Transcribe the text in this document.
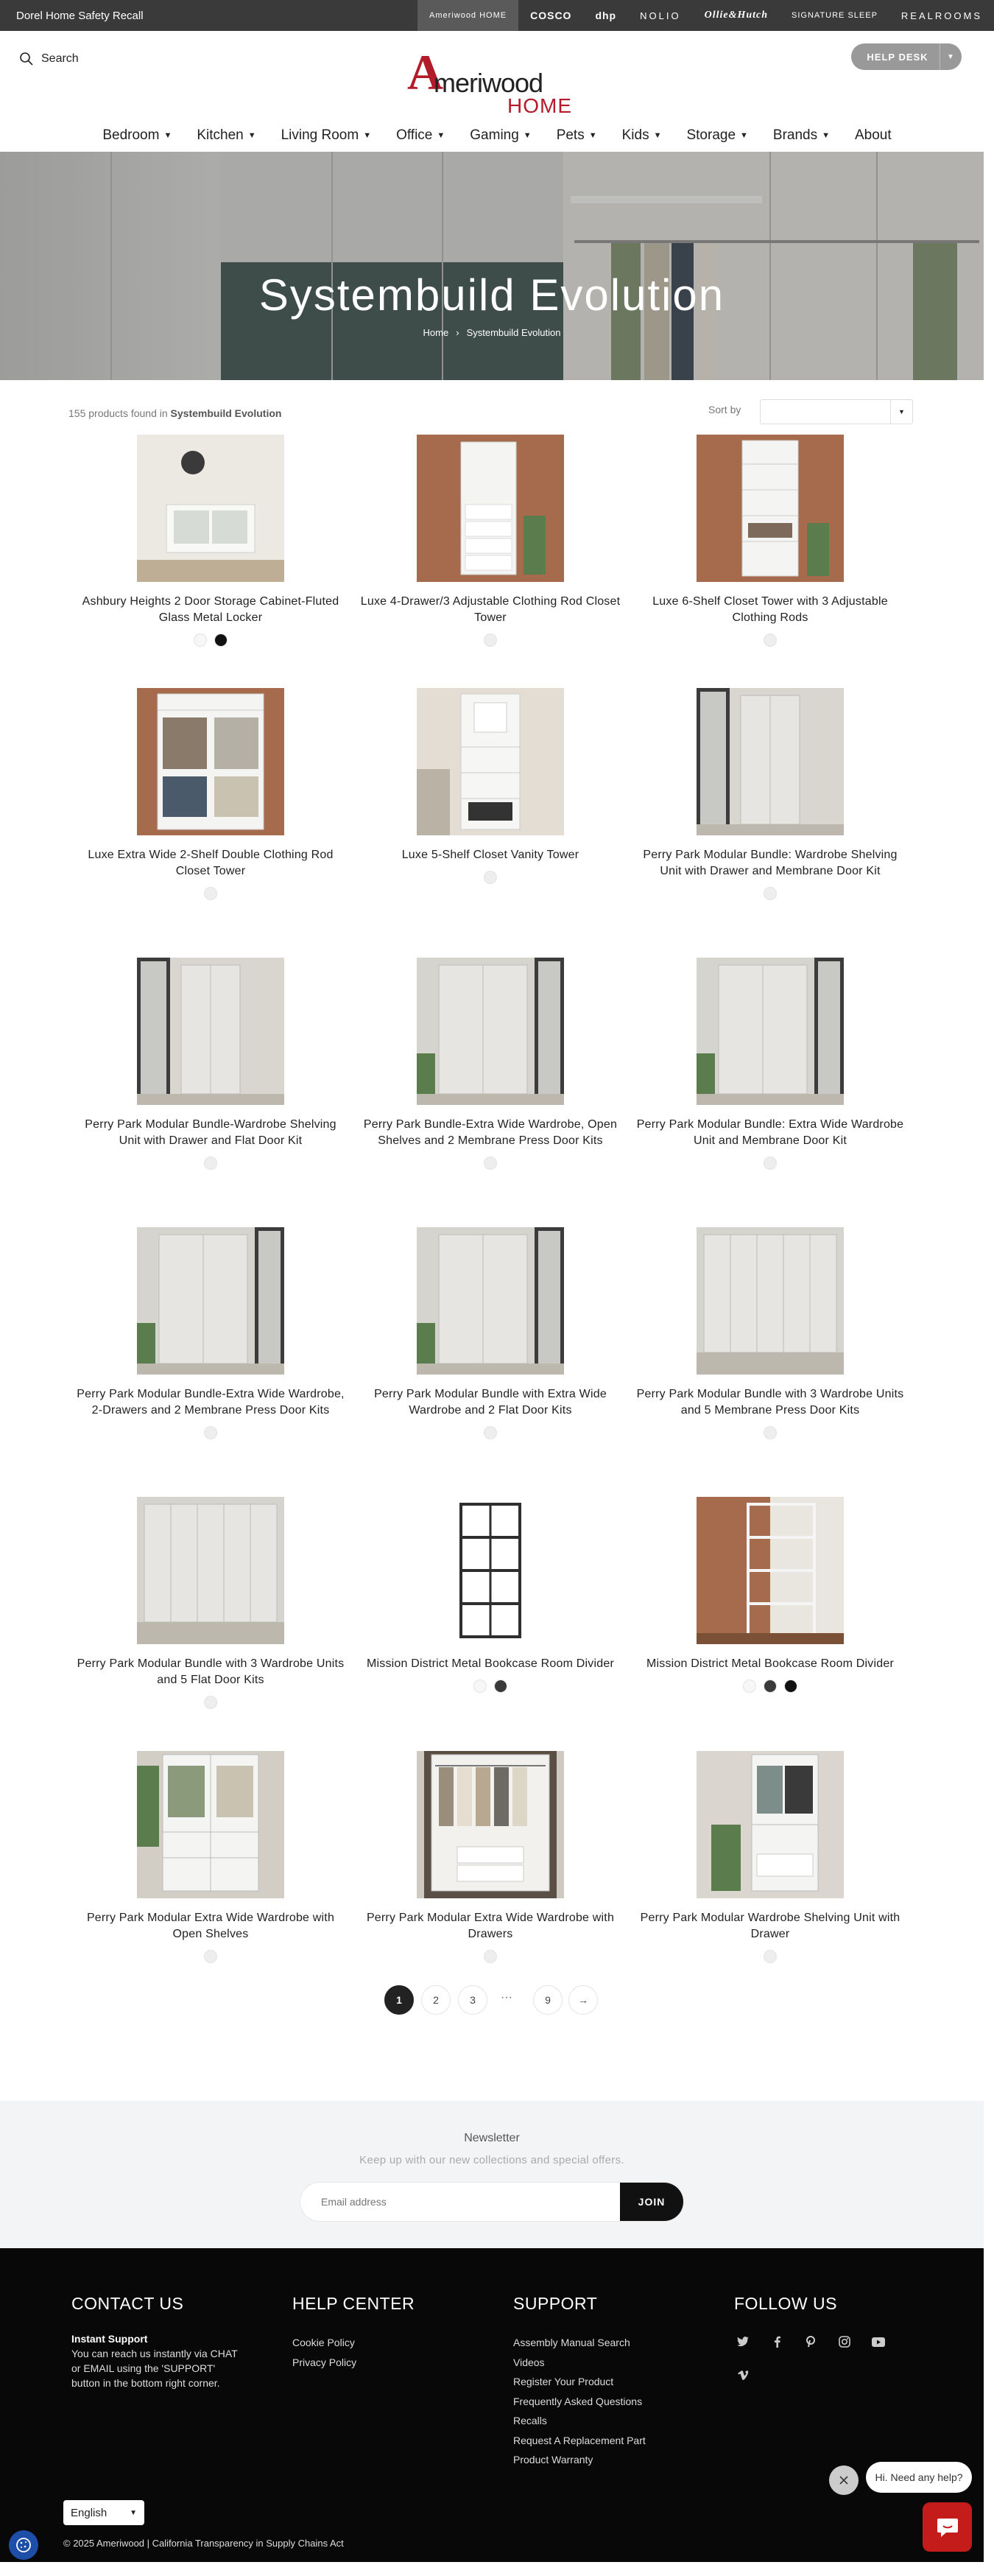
Dorel Home Safety Recall	Ameriwood HOME	COSCO	dhp	NOLIO	Ollie&Hutch	SIGNATURE SLEEP	REALROOMS
Search	A
meriwood
HOME
HELP DESK	▼
Bedroom ▼	Kitchen ▼	Living Room ▼	Office ▼	Gaming ▼	Pets ▼	Kids ▼	Storage ▼	Brands ▼	About
Systembuild Evolution
Home › Systembuild Evolution
155 products found in Systembuild Evolution	Sort by	▼
Ashbury Heights 2 Door Storage Cabinet-Fluted Glass Metal Locker
Luxe 4-Drawer/3 Adjustable Clothing Rod Closet Tower
Luxe 6-Shelf Closet Tower with 3 Adjustable Clothing Rods
Luxe Extra Wide 2-Shelf Double Clothing Rod Closet Tower
Luxe 5-Shelf Closet Vanity Tower	Perry Park Modular Bundle: Wardrobe Shelving Unit with Drawer and Membrane Door Kit
Perry Park Modular Bundle-Wardrobe Shelving Unit with Drawer and Flat Door Kit
Perry Park Bundle-Extra Wide Wardrobe, Open Shelves and 2 Membrane Press Door Kits
Perry Park Modular Bundle: Extra Wide Wardrobe Unit and Membrane Door Kit
Perry Park Modular Bundle-Extra Wide Wardrobe, 2-Drawers and 2 Membrane Press Door Kits
Perry Park Modular Bundle with Extra Wide Wardrobe and 2 Flat Door Kits
Perry Park Modular Bundle with 3 Wardrobe Units and 5 Membrane Press Door Kits
Perry Park Modular Bundle with 3 Wardrobe Units and 5 Flat Door Kits
Mission District Metal Bookcase Room Divider	Mission District Metal Bookcase Room Divider
Perry Park Modular Extra Wide Wardrobe with Open Shelves
Perry Park Modular Extra Wide Wardrobe with Drawers
Perry Park Modular Wardrobe Shelving Unit with Drawer
1	2	3	···	9	→
Newsletter
Keep up with our new collections and special offers.
Email address
JOIN
CONTACT US
Instant Support

You can reach us instantly via CHAT or EMAIL using the 'SUPPORT' button in the bottom right corner.

HELP CENTER
Cookie Policy
Privacy Policy
SUPPORT
Assembly Manual Search
Videos
Register Your Product
Frequently Asked Questions
Recalls
Request A Replacement Part
Product Warranty
FOLLOW US
Hi. Need any help?
English	▼
© 2025 Ameriwood | California Transparency in Supply Chains Act
